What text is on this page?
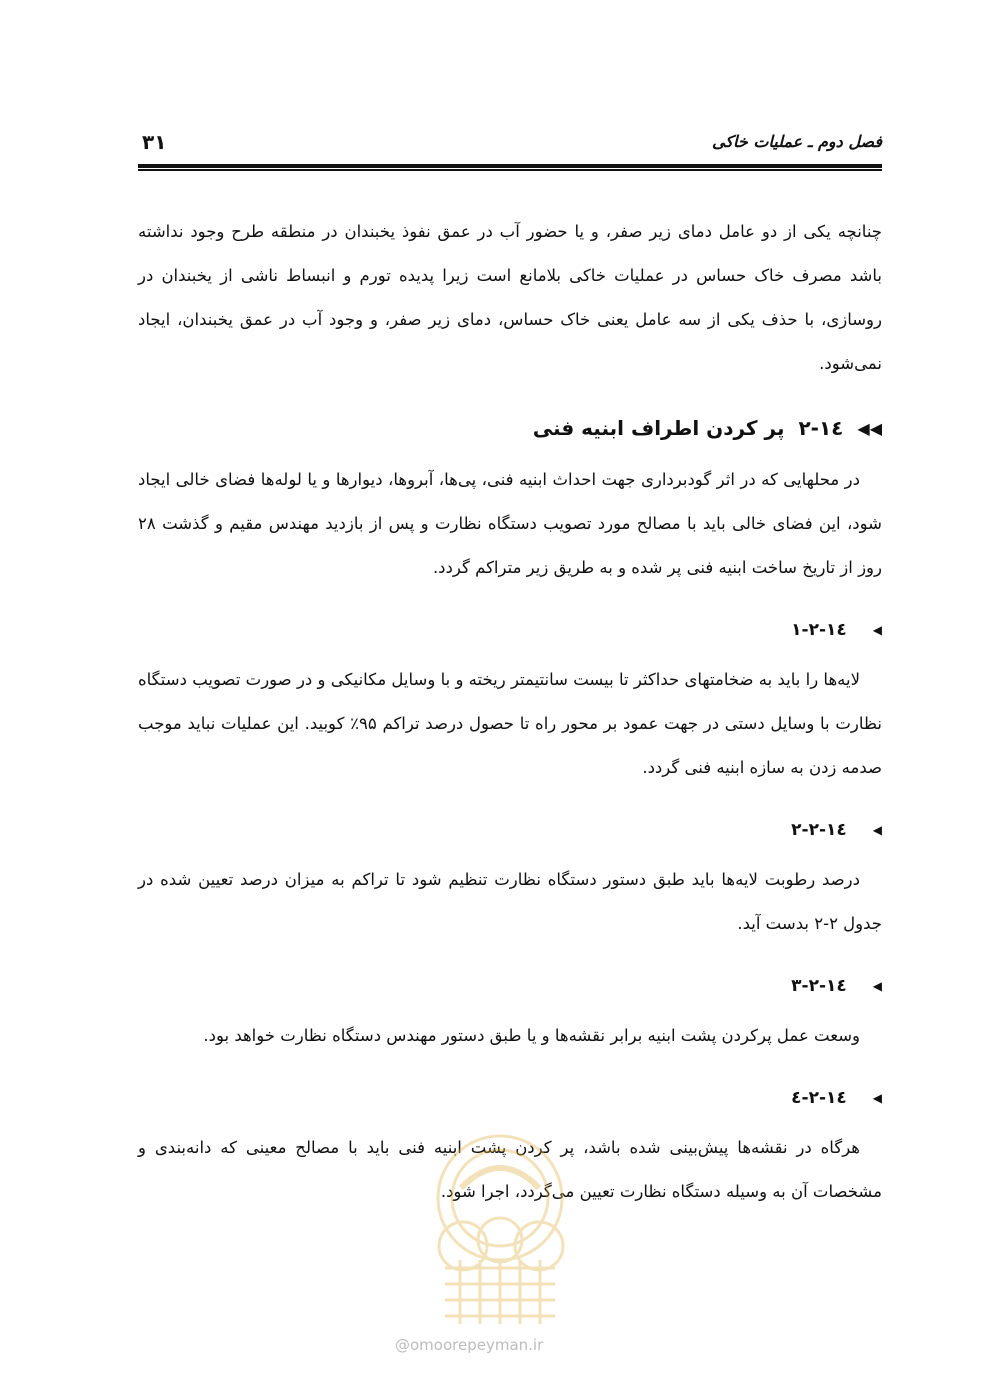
فصل دوم ـ عملیات خاکی
۳۱

چنانچه یکی از دو عامل دمای زیر صفر، و یا حضور آب در عمق نفوذ یخبندان در منطقه طرح وجود نداشته باشد مصرف خاک حساس در عملیات خاکی بلامانع است زیرا پدیده تورم و انبساط ناشی از یخبندان در روسازی، با حذف یکی از سه عامل یعنی خاک حساس، دمای زیر صفر، و وجود آب در عمق یخبندان، ایجاد نمی‌شود.

◀◀
۲-۱٤
پر کردن اطراف ابنیه فنی

در محلهایی که در اثر گودبرداری جهت احداث ابنیه فنی، پی‌ها، آبروها، دیوارها و یا لوله‌ها فضای خالی ایجاد شود، این فضای خالی باید با مصالح مورد تصویب دستگاه نظارت و پس از بازدید مهندس مقیم و گذشت ۲۸ روز از تاریخ ساخت ابنیه فنی پر شده و به طریق زیر متراکم گردد.

◀
۲-۱٤-۱

لایه‌ها را باید به ضخامتهای حداکثر تا بیست سانتیمتر ریخته و با وسایل مکانیکی و در صورت تصویب دستگاه نظارت با وسایل دستی در جهت عمود بر محور راه تا حصول درصد تراکم ۹۵٪ کوبید. این عملیات نباید موجب صدمه زدن به سازه ابنیه فنی گردد.

◀
۲-۱٤-۲

درصد رطوبت لایه‌ها باید طبق دستور دستگاه نظارت تنظیم شود تا تراکم به میزان درصد تعیین شده در جدول ۲-۲ بدست آید.

◀
۲-۱٤-۳

وسعت عمل پرکردن پشت ابنیه برابر نقشه‌ها و یا طبق دستور مهندس دستگاه نظارت خواهد بود.

◀
۲-۱٤-٤

هرگاه در نقشه‌ها پیش‌بینی شده باشد، پر کردن پشت ابنیه فنی باید با مصالح معینی که دانه‌بندی و مشخصات آن به وسیله دستگاه نظارت تعیین می‌گردد، اجرا شود.

@omoorepeyman.ir
